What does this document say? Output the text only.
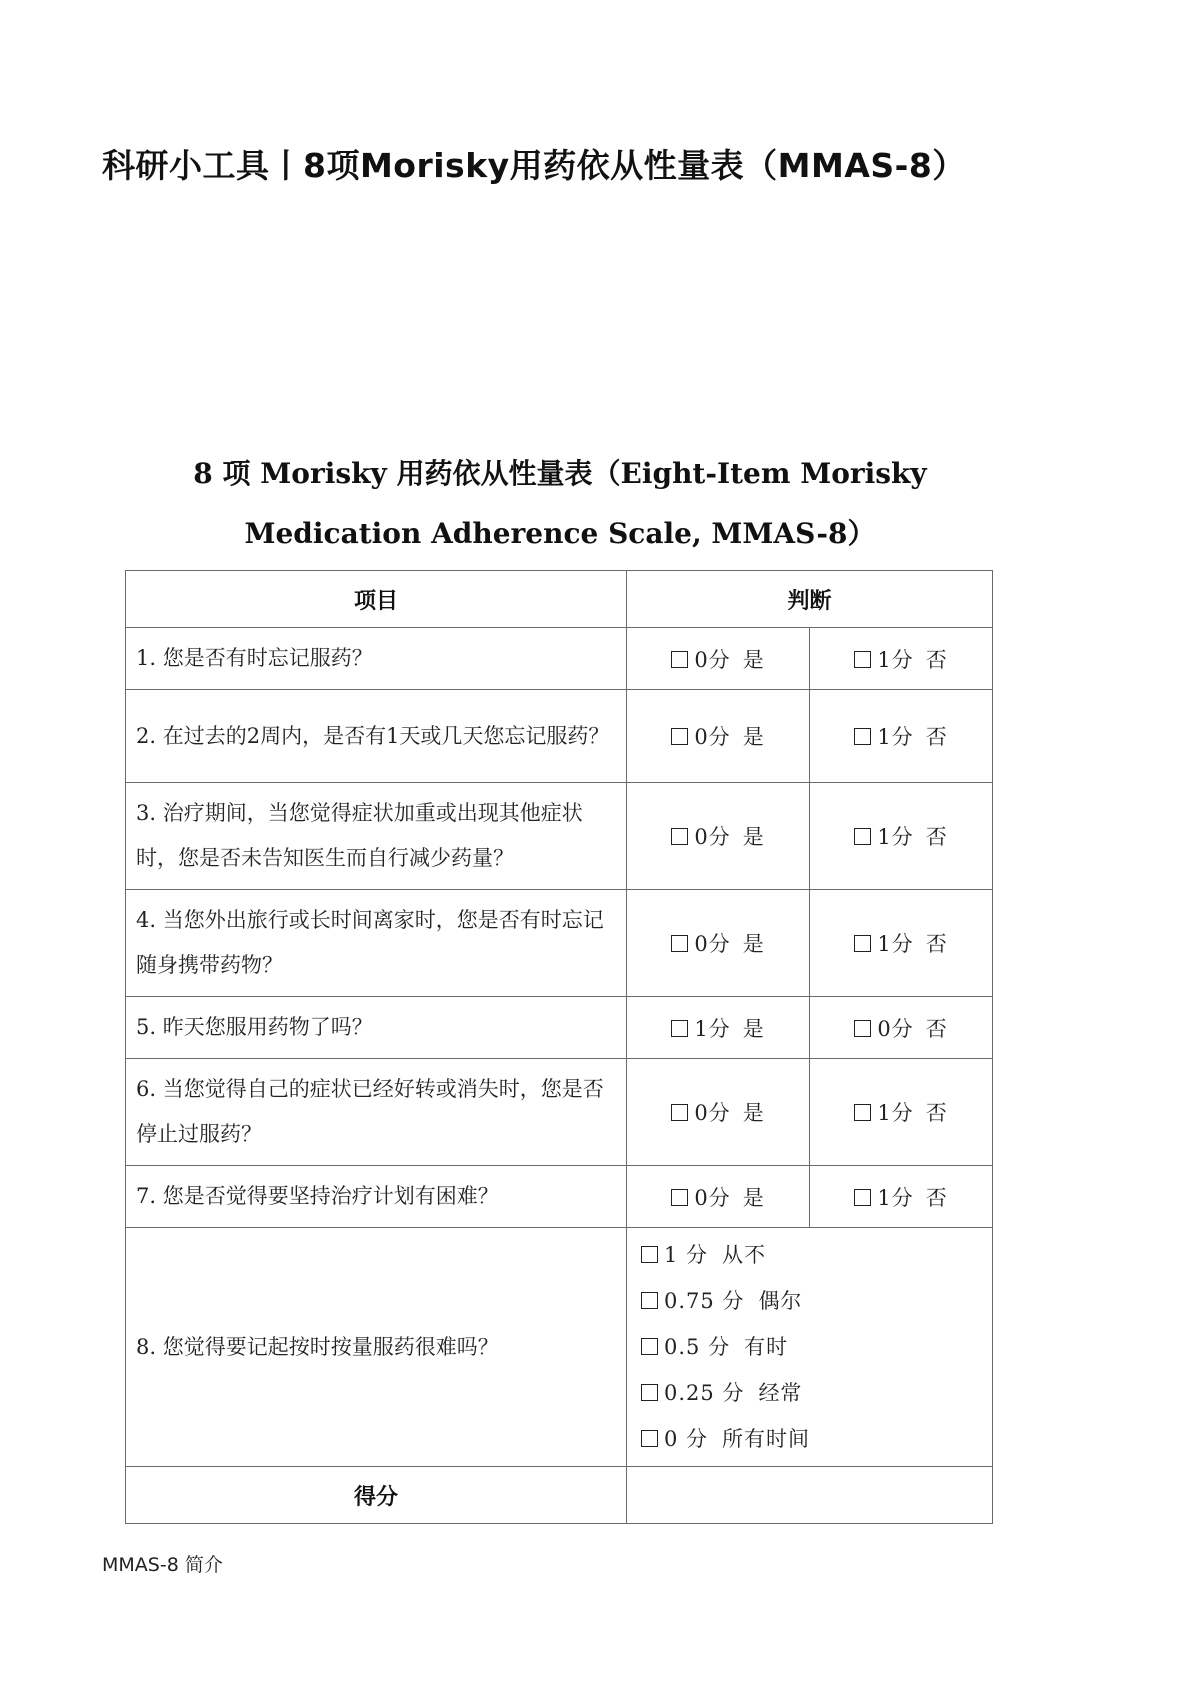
科研小工具丨8项Morisky用药依从性量表（MMAS-8）

8 项 Morisky 用药依从性量表（Eight-Item Morisky

Medication Adherence Scale, MMAS-8）

项目	判断	
1. 您是否有时忘记服药？	0分 是	1分 否
2. 在过去的2周内，是否有1天或几天您忘记服药？	0分 是	1分 否
3. 治疗期间，当您觉得症状加重或出现其他症状时，您是否未告知医生而自行减少药量？	0分 是	1分 否
4. 当您外出旅行或长时间离家时，您是否有时忘记随身携带药物？	0分 是	1分 否
5. 昨天您服用药物了吗？	1分 是	0分 否
6. 当您觉得自己的症状已经好转或消失时，您是否停止过服药？	0分 是	1分 否
7. 您是否觉得要坚持治疗计划有困难？	0分 是	1分 否
8. 您觉得要记起按时按量服药很难吗？	1 分 从不
0.75 分 偶尔
0.5 分 有时
0.25 分 经常
0 分 所有时间	

得分		
MMAS-8 简介
